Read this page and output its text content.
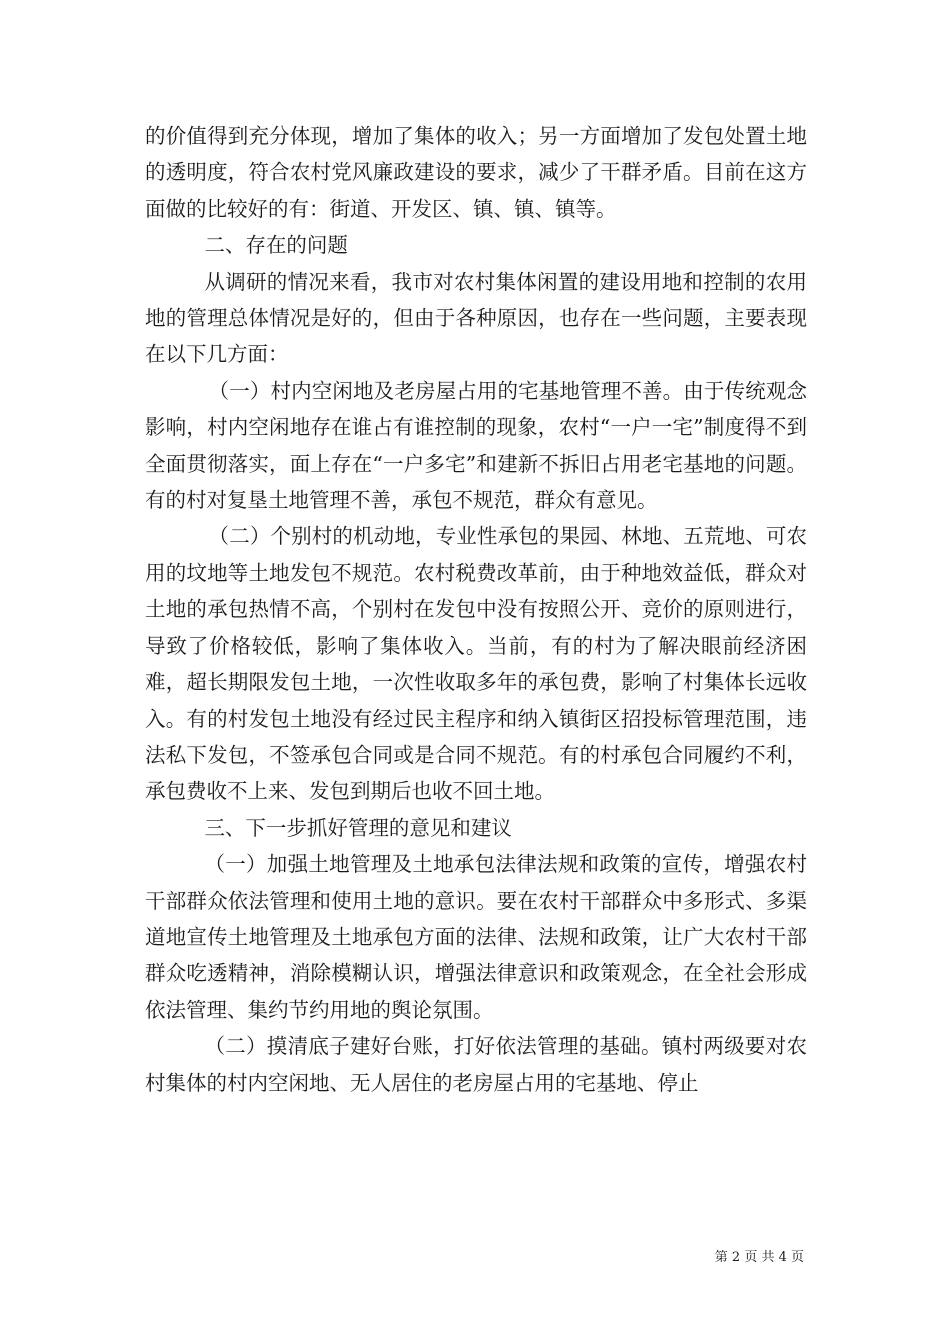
的价值得到充分体现，增加了集体的收入；另一方面增加了发包处置土地的透明度，符合农村党风廉政建设的要求，减少了干群矛盾。目前在这方面做的比较好的有：街道、开发区、镇、镇、镇等。

二、存在的问题

从调研的情况来看，我市对农村集体闲置的建设用地和控制的农用地的管理总体情况是好的，但由于各种原因，也存在一些问题，主要表现在以下几方面：

（一）村内空闲地及老房屋占用的宅基地管理不善。由于传统观念影响，村内空闲地存在谁占有谁控制的现象，农村“一户一宅”制度得不到全面贯彻落实，面上存在“一户多宅”和建新不拆旧占用老宅基地的问题。有的村对复垦土地管理不善，承包不规范，群众有意见。

（二）个别村的机动地，专业性承包的果园、林地、五荒地、可农用的坟地等土地发包不规范。农村税费改革前，由于种地效益低，群众对土地的承包热情不高，个别村在发包中没有按照公开、竞价的原则进行，导致了价格较低，影响了集体收入。当前，有的村为了解决眼前经济困难，超长期限发包土地，一次性收取多年的承包费，影响了村集体长远收入。有的村发包土地没有经过民主程序和纳入镇街区招投标管理范围，违法私下发包，不签承包合同或是合同不规范。有的村承包合同履约不利，承包费收不上来、发包到期后也收不回土地。

三、下一步抓好管理的意见和建议

（一）加强土地管理及土地承包法律法规和政策的宣传，增强农村干部群众依法管理和使用土地的意识。要在农村干部群众中多形式、多渠道地宣传土地管理及土地承包方面的法律、法规和政策，让广大农村干部群众吃透精神，消除模糊认识，增强法律意识和政策观念，在全社会形成依法管理、集约节约用地的舆论氛围。

（二）摸清底子建好台账，打好依法管理的基础。镇村两级要对农村集体的村内空闲地、无人居住的老房屋占用的宅基地、停止

第 2 页 共 4 页
